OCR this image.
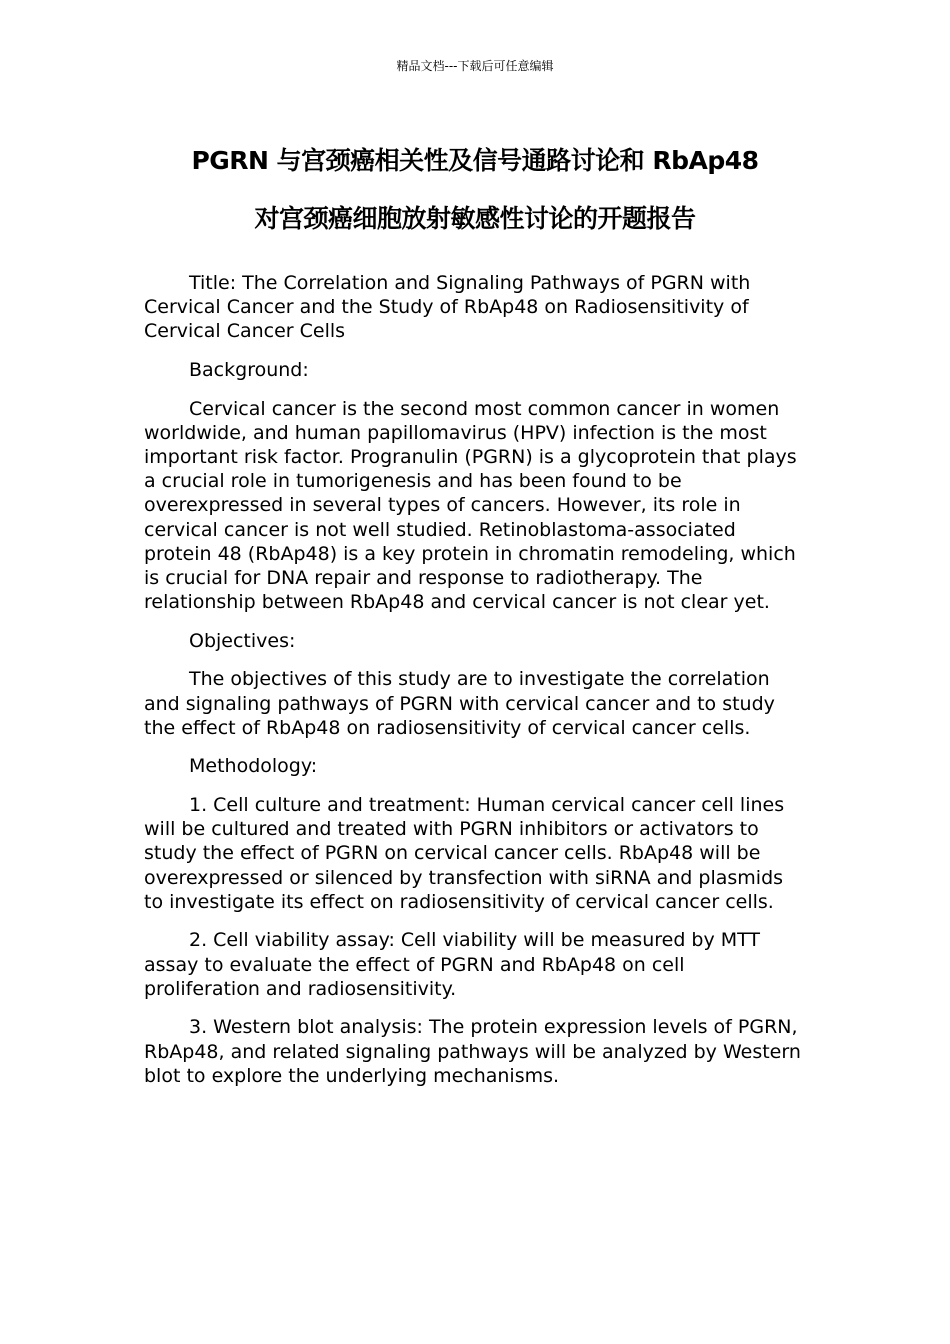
精品文档---下载后可任意编辑
PGRN 与宫颈癌相关性及信号通路讨论和 RbAp48
对宫颈癌细胞放射敏感性讨论的开题报告

Title: The Correlation and Signaling Pathways of PGRN with Cervical Cancer and the Study of RbAp48 on Radiosensitivity of Cervical Cancer Cells

Background:

Cervical cancer is the second most common cancer in women worldwide, and human papillomavirus (HPV) infection is the most important risk factor. Progranulin (PGRN) is a glycoprotein that plays a crucial role in tumorigenesis and has been found to be overexpressed in several types of cancers. However, its role in cervical cancer is not well studied. Retinoblastoma-associated protein 48 (RbAp48) is a key protein in chromatin remodeling, which is crucial for DNA repair and response to radiotherapy. The relationship between RbAp48 and cervical cancer is not clear yet.

Objectives:

The objectives of this study are to investigate the correlation and signaling pathways of PGRN with cervical cancer and to study the effect of RbAp48 on radiosensitivity of cervical cancer cells.

Methodology:

1. Cell culture and treatment: Human cervical cancer cell lines will be cultured and treated with PGRN inhibitors or activators to study the effect of PGRN on cervical cancer cells. RbAp48 will be overexpressed or silenced by transfection with siRNA and plasmids to investigate its effect on radiosensitivity of cervical cancer cells.

2. Cell viability assay: Cell viability will be measured by MTT assay to evaluate the effect of PGRN and RbAp48 on cell proliferation and radiosensitivity.

3. Western blot analysis: The protein expression levels of PGRN, RbAp48, and related signaling pathways will be analyzed by Western blot to explore the underlying mechanisms.
